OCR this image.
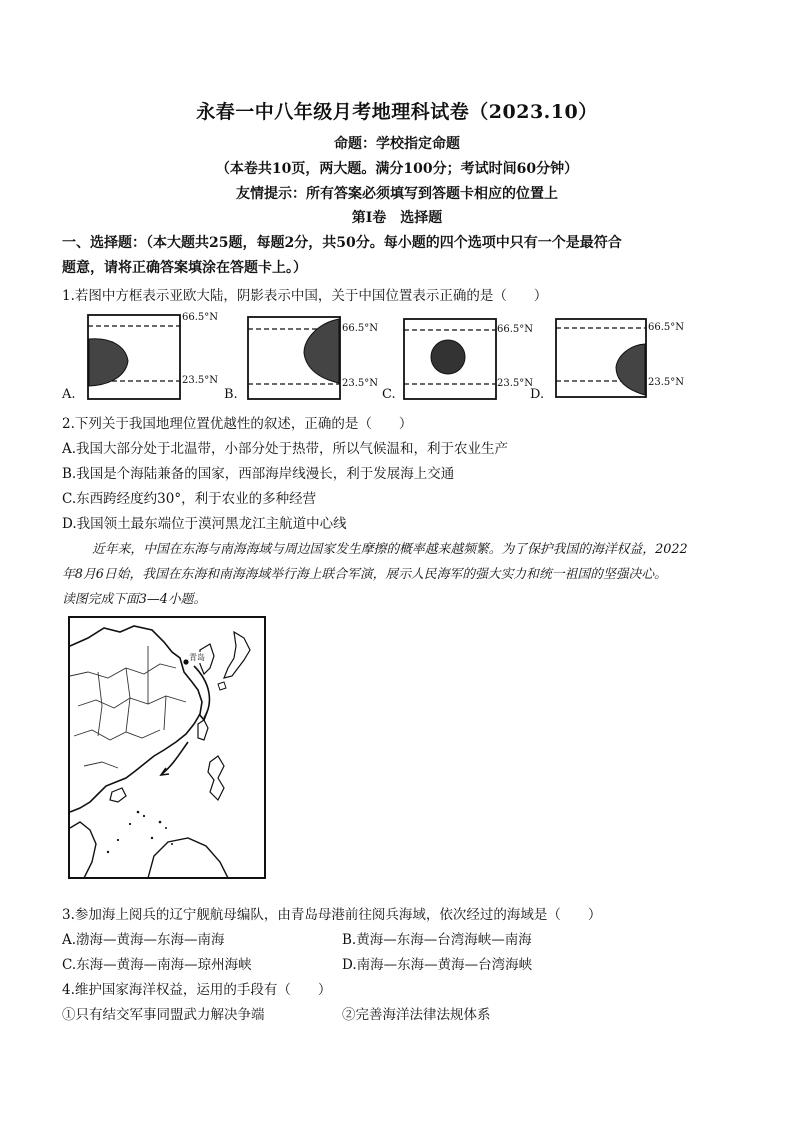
永春一中八年级月考地理科试卷（2023.10）
命题：学校指定命题
（本卷共10页，两大题。满分100分；考试时间60分钟）
友情提示：所有答案必须填写到答题卡相应的位置上
第Ⅰ卷　选择题
一、选择题：（本大题共25题，每题2分，共50分。每小题的四个选项中只有一个是最符合
题意，请将正确答案填涂在答题卡上。）
1.若图中方框表示亚欧大陆，阴影表示中国，关于中国位置表示正确的是（　　）
A.
66.5°N
23.5°N
B.
66.5°N
23.5°N
C.
66.5°N
23.5°N
D.
66.5°N
23.5°N
2.下列关于我国地理位置优越性的叙述，正确的是（　　）
A.我国大部分处于北温带，小部分处于热带，所以气候温和，利于农业生产
B.我国是个海陆兼备的国家，西部海岸线漫长，利于发展海上交通
C.东西跨经度约30°，利于农业的多种经营
D.我国领土最东端位于漠河黑龙江主航道中心线
近年来，中国在东海与南海海域与周边国家发生摩擦的概率越来越频繁。为了保护我国的海洋权益，2022
年8月6日始，我国在东海和南海海域举行海上联合军演，展示人民海军的强大实力和统一祖国的坚强决心。
读图完成下面3—4小题。
青岛
3.参加海上阅兵的辽宁舰航母编队，由青岛母港前往阅兵海域，依次经过的海域是（　　）
A.渤海—黄海—东海—南海	B.黄海—东海—台湾海峡—南海
C.东海—黄海—南海—琼州海峡	D.南海—东海—黄海—台湾海峡
4.维护国家海洋权益，运用的手段有（　　）
①只有结交军事同盟武力解决争端	②完善海洋法律法规体系
